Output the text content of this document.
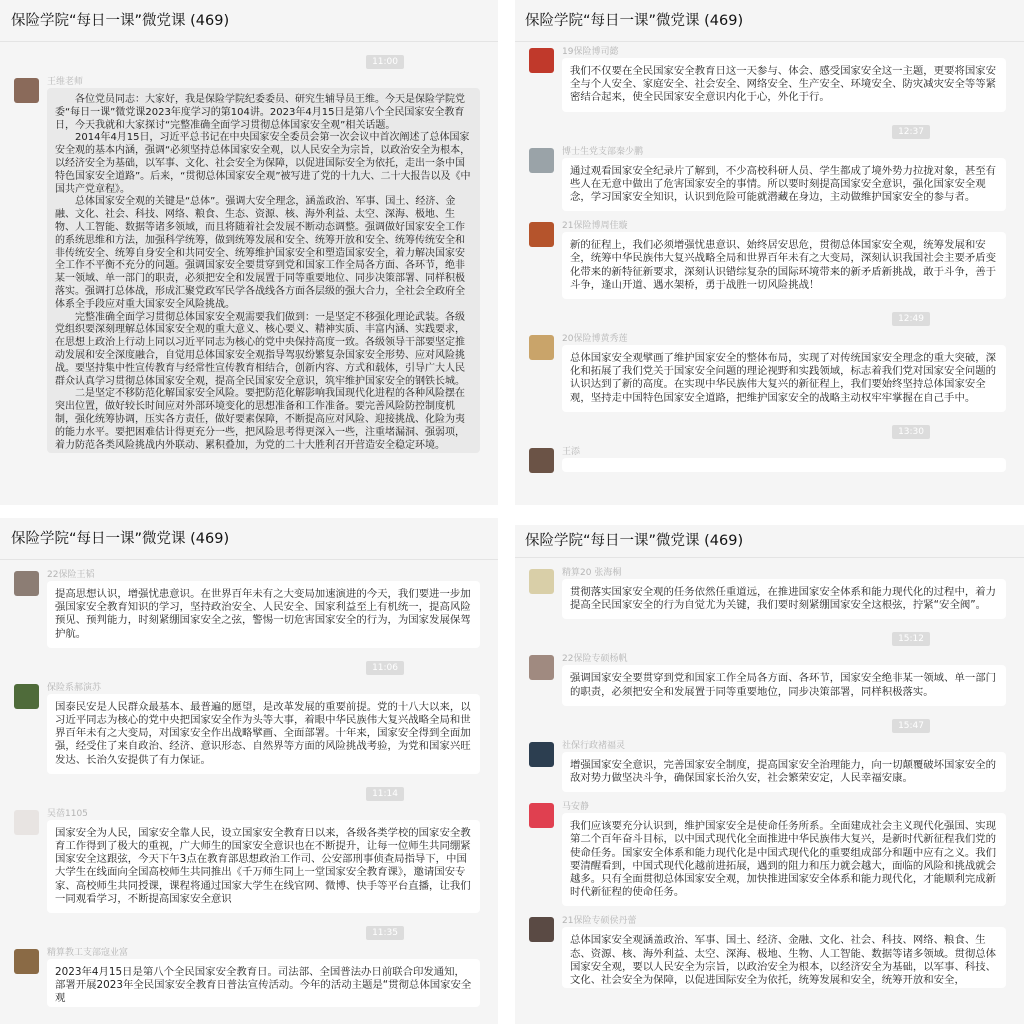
保险学院“每日一课”微党课 (469)
11:00
王维老师

各位党员同志：大家好，我是保险学院纪委委员、研究生辅导员王维。今天是保险学院党委“每日一课”微党课2023年度学习的第104讲。2023年4月15日是第八个全民国家安全教育日，今天我就和大家探讨“完整准确全面学习贯彻总体国家安全观”相关话题。

2014年4月15日，习近平总书记在中央国家安全委员会第一次会议中首次阐述了总体国家安全观的基本内涵，强调“必须坚持总体国家安全观，以人民安全为宗旨，以政治安全为根本，以经济安全为基础，以军事、文化、社会安全为保障，以促进国际安全为依托，走出一条中国特色国家安全道路”。后来，“贯彻总体国家安全观”被写进了党的十九大、二十大报告以及《中国共产党章程》。

总体国家安全观的关键是“总体”。强调大安全理念，涵盖政治、军事、国土、经济、金融、文化、社会、科技、网络、粮食、生态、资源、核、海外利益、太空、深海、极地、生物、人工智能、数据等诸多领域，而且将随着社会发展不断动态调整。强调做好国家安全工作的系统思维和方法，加强科学统筹，做到统筹发展和安全、统筹开放和安全、统筹传统安全和非传统安全、统筹自身安全和共同安全、统筹维护国家安全和塑造国家安全，着力解决国家安全工作不平衡不充分的问题。强调国家安全要贯穿到党和国家工作全局各方面、各环节，绝非某一领域、单一部门的职责，必须把安全和发展置于同等重要地位、同步决策部署、同样积极落实。强调打总体战，形成汇聚党政军民学各战线各方面各层级的强大合力，全社会全政府全体系全手段应对重大国家安全风险挑战。

完整准确全面学习贯彻总体国家安全观需要我们做到：一是坚定不移强化理论武装。各级党组织要深刻理解总体国家安全观的重大意义、核心要义、精神实质、丰富内涵、实践要求，在思想上政治上行动上同以习近平同志为核心的党中央保持高度一致。各级领导干部要坚定推动发展和安全深度融合，自觉用总体国家安全观指导驾驭纷繁复杂国家安全形势、应对风险挑战。要坚持集中性宣传教育与经常性宣传教育相结合，创新内容、方式和载体，引导广大人民群众认真学习贯彻总体国家安全观，提高全民国家安全意识，筑牢维护国家安全的钢铁长城。

二是坚定不移防范化解国家安全风险。要把防范化解影响我国现代化进程的各种风险摆在突出位置，做好较长时间应对外部环境变化的思想准备和工作准备。要完善风险防控制度机制，强化统筹协调，压实各方责任，做好要素保障，不断提高应对风险、迎接挑战、化险为夷的能力水平。要把困难估计得更充分一些，把风险思考得更深入一些，注重堵漏洞、强弱项，着力防范各类风险挑战内外联动、累积叠加，为党的二十大胜利召开营造安全稳定环境。

保险学院“每日一课”微党课 (469)
19保险博司懿

我们不仅要在全民国家安全教育日这一天参与、体会、感受国家安全这一主题，更要将国家安全与个人安全、家庭安全、社会安全、网络安全、生产安全、环境安全、防灾减灾安全等等紧密结合起来，使全民国家安全意识内化于心，外化于行。

12:37
博士生党支部秦少鹏

通过观看国家安全纪录片了解到，不少高校科研人员、学生都成了境外势力拉拢对象，甚至有些人在无意中做出了危害国家安全的事情。所以要时刻提高国家安全意识，强化国家安全观念，学习国家安全知识，认识到危险可能就潜藏在身边，主动做维护国家安全的参与者。

21保险博周佳璇

新的征程上，我们必须增强忧患意识、始终居安思危，贯彻总体国家安全观，统筹发展和安全，统筹中华民族伟大复兴战略全局和世界百年未有之大变局，深刻认识我国社会主要矛盾变化带来的新特征新要求，深刻认识错综复杂的国际环境带来的新矛盾新挑战，敢于斗争，善于斗争，逢山开道、遇水架桥，勇于战胜一切风险挑战！

12:49
20保险博黄秀莲

总体国家安全观擘画了维护国家安全的整体布局，实现了对传统国家安全理念的重大突破，深化和拓展了我们党关于国家安全问题的理论视野和实践领域，标志着我们党对国家安全问题的认识达到了新的高度。在实现中华民族伟大复兴的新征程上，我们要始终坚持总体国家安全观，坚持走中国特色国家安全道路，把维护国家安全的战略主动权牢牢掌握在自己手中。

13:30
王添

保险学院“每日一课”微党课 (469)
22保险王韬

提高思想认识，增强忧患意识。在世界百年未有之大变局加速演进的今天，我们要进一步加强国家安全教育知识的学习，坚持政治安全、人民安全、国家利益至上有机统一，提高风险预见、预判能力，时刻紧绷国家安全之弦，警惕一切危害国家安全的行为，为国家发展保驾护航。

11:06
保险系郝演苏

国泰民安是人民群众最基本、最普遍的愿望，是改革发展的重要前提。党的十八大以来，以习近平同志为核心的党中央把国家安全作为头等大事，着眼中华民族伟大复兴战略全局和世界百年未有之大变局，对国家安全作出战略擘画、全面部署。十年来，国家安全得到全面加强，经受住了来自政治、经济、意识形态、自然界等方面的风险挑战考验，为党和国家兴旺发达、长治久安提供了有力保证。

11:14
吴蓓1105

国家安全为人民，国家安全靠人民，设立国家安全教育日以来，各级各类学校的国家安全教育工作得到了极大的重视，广大师生的国家安全意识也在不断提升，让每一位师生共同绷紧国家安全这跟弦，今天下午3点在教育部思想政治工作司、公安部刑事侦查局指导下，中国大学生在线面向全国高校师生共同推出《千万师生同上一堂国家安全教育课》，邀请国安专家、高校师生共同授课，课程将通过国家大学生在线官网、微博、快手等平台直播，让我们一同观看学习，不断提高国家安全意识

11:35
精算教工支部寇业富

2023年4月15日是第八个全民国家安全教育日。司法部、全国普法办日前联合印发通知，部署开展2023年全民国家安全教育日普法宣传活动。今年的活动主题是“贯彻总体国家安全观

保险学院“每日一课”微党课 (469)
精算20 张海桐

贯彻落实国家安全观的任务依然任重道远，在推进国家安全体系和能力现代化的过程中，着力提高全民国家安全的行为自觉尤为关键，我们要时刻紧绷国家安全这根弦，拧紧“安全阀”。

15:12
22保险专硕杨帆

强调国家安全要贯穿到党和国家工作全局各方面、各环节，国家安全绝非某一领域、单一部门的职责，必须把安全和发展置于同等重要地位，同步决策部署，同样积极落实。

15:47
社保行政褚福灵

增强国家安全意识，完善国家安全制度，提高国家安全治理能力，向一切颠覆破坏国家安全的敌对势力做坚决斗争，确保国家长治久安，社会繁荣安定，人民幸福安康。

马安静

我们应该要充分认识到，维护国家安全是使命任务所系。全面建成社会主义现代化强国、实现第二个百年奋斗目标，以中国式现代化全面推进中华民族伟大复兴，是新时代新征程我们党的使命任务。国家安全体系和能力现代化是中国式现代化的重要组成部分和题中应有之义。我们要清醒看到，中国式现代化越前进拓展，遇到的阻力和压力就会越大，面临的风险和挑战就会越多。只有全面贯彻总体国家安全观，加快推进国家安全体系和能力现代化，才能顺利完成新时代新征程的使命任务。

21保险专硕侯丹蕾

总体国家安全观涵盖政治、军事、国土、经济、金融、文化、社会、科技、网络、粮食、生态、资源、核、海外利益、太空、深海、极地、生物、人工智能、数据等诸多领域。贯彻总体国家安全观，要以人民安全为宗旨，以政治安全为根本，以经济安全为基础，以军事、科技、文化、社会安全为保障，以促进国际安全为依托，统筹发展和安全，统筹开放和安全，
